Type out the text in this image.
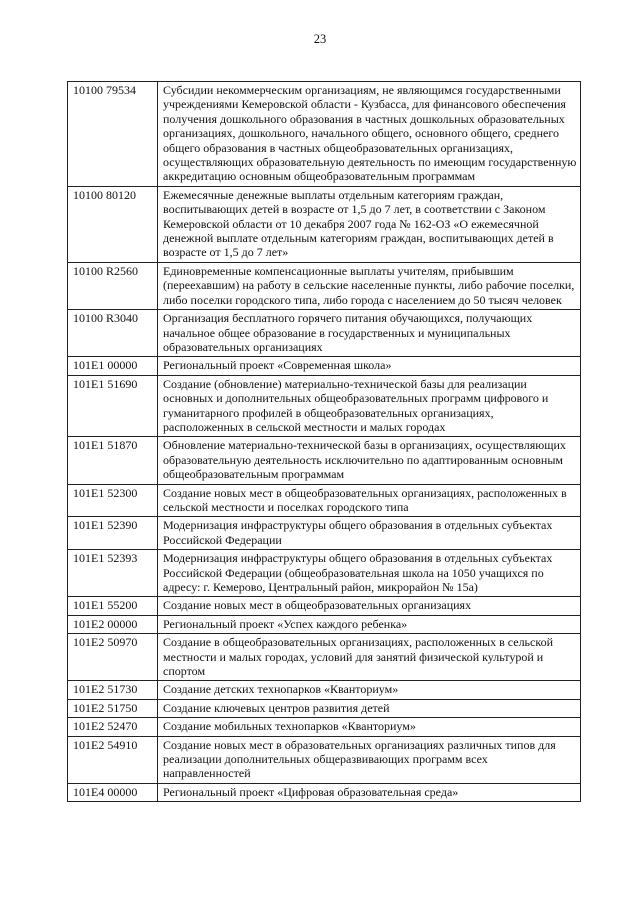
23
10100 79534	Субсидии некоммерческим организациям, не являющимся государственными учреждениями Кемеровской области - Кузбасса, для финансового обеспечения получения дошкольного образования в частных дошкольных образовательных организациях, дошкольного, начального общего, основного общего, среднего общего образования в частных общеобразовательных организациях, осуществляющих образовательную деятельность по имеющим государственную аккредитацию основным общеобразовательным программам
10100 80120	Ежемесячные денежные выплаты отдельным категориям граждан, воспитывающих детей в возрасте от 1,5 до 7 лет, в соответствии с Законом Кемеровской области от 10 декабря 2007 года № 162-ОЗ «О ежемесячной денежной выплате отдельным категориям граждан, воспитывающих детей в возрасте от 1,5 до 7 лет»
10100 R2560	Единовременные компенсационные выплаты учителям, прибывшим (переехавшим) на работу в сельские населенные пункты, либо рабочие поселки, либо поселки городского типа, либо города с населением до 50 тысяч человек
10100 R3040	Организация бесплатного горячего питания обучающихся, получающих начальное общее образование в государственных и муниципальных образовательных организациях
101E1 00000	Региональный проект «Современная школа»
101E1 51690	Создание (обновление) материально-технической базы для реализации основных и дополнительных общеобразовательных программ цифрового и гуманитарного профилей в общеобразовательных организациях, расположенных в сельской местности и малых городах
101E1 51870	Обновление материально-технической базы в организациях, осуществляющих образовательную деятельность исключительно по адаптированным основным общеобразовательным программам
101E1 52300	Создание новых мест в общеобразовательных организациях, расположенных в сельской местности и поселках городского типа
101E1 52390	Модернизация инфраструктуры общего образования в отдельных субъектах Российской Федерации
101E1 52393	Модернизация инфраструктуры общего образования в отдельных субъектах Российской Федерации (общеобразовательная школа на 1050 учащихся по адресу: г. Кемерово, Центральный район, микрорайон № 15а)
101E1 55200	Создание новых мест в общеобразовательных организациях
101E2 00000	Региональный проект «Успех каждого ребенка»
101E2 50970	Создание в общеобразовательных организациях, расположенных в сельской местности и малых городах, условий для занятий физической культурой и спортом
101E2 51730	Создание детских технопарков «Кванториум»
101E2 51750	Создание ключевых центров развития детей
101E2 52470	Создание мобильных технопарков «Кванториум»
101E2 54910	Создание новых мест в образовательных организациях различных типов для реализации дополнительных общеразвивающих программ всех направленностей
101E4 00000	Региональный проект «Цифровая образовательная среда»
